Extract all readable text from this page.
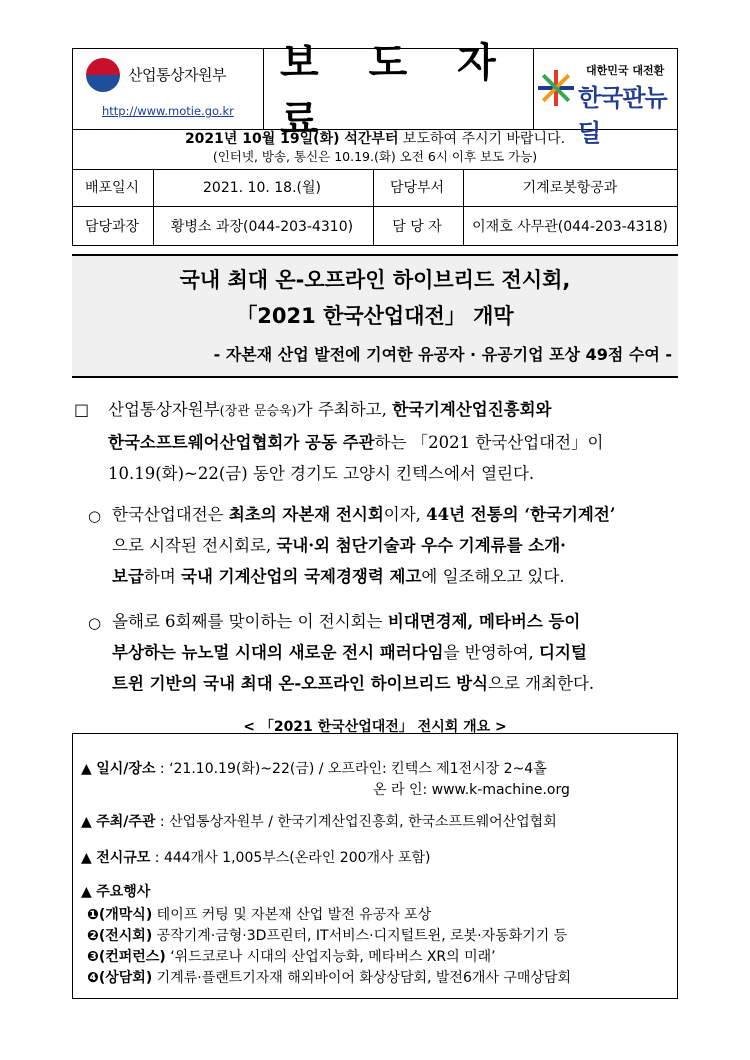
산업통상자원부
http://www.motie.go.kr
보 도 자 료
대한민국 대전환
한국판뉴딜
2021년 10월 19일(화) 석간부터 보도하여 주시기 바랍니다.
(인터넷, 방송, 통신은 10.19.(화) 오전 6시 이후 보도 가능)
배포일시	2021. 10. 18.(월)	담당부서	기계로봇항공과
담당과장	황병소 과장(044-203-4310)	담 당 자	이재호 사무관(044-203-4318)
국내 최대 온-오프라인 하이브리드 전시회,
「2021 한국산업대전」 개막
- 자본재 산업 발전에 기여한 유공자 · 유공기업 포상 49점 수여 -
□ 산업통상자원부(장관 문승욱)가 주최하고, 한국기계산업진흥회와
한국소프트웨어산업협회가 공동 주관하는 「2021 한국산업대전」이
10.19(화)~22(금) 동안 경기도 고양시 킨텍스에서 열린다.
○ 한국산업대전은 최초의 자본재 전시회이자, 44년 전통의 ‘한국기계전’
으로 시작된 전시회로, 국내·외 첨단기술과 우수 기계류를 소개·
보급하며 국내 기계산업의 국제경쟁력 제고에 일조해오고 있다.
○ 올해로 6회째를 맞이하는 이 전시회는 비대면경제, 메타버스 등이
부상하는 뉴노멀 시대의 새로운 전시 패러다임을 반영하여, 디지털
트윈 기반의 국내 최대 온-오프라인 하이브리드 방식으로 개최한다.
< 「2021 한국산업대전」 전시회 개요 >
▲ 일시/장소 : ‘21.10.19(화)~22(금) / 오프라인: 킨텍스 제1전시장 2~4홀
온 라 인: www.k-machine.org
▲ 주최/주관 : 산업통상자원부 / 한국기계산업진흥회, 한국소프트웨어산업협회
▲ 전시규모 : 444개사 1,005부스(온라인 200개사 포함)
▲ 주요행사
❶(개막식) 테이프 커팅 및 자본재 산업 발전 유공자 포상
❷(전시회) 공작기계·금형·3D프린터, IT서비스·디지털트윈, 로봇·자동화기기 등
❸(컨퍼런스) ‘위드코로나 시대의 산업지능화, 메타버스 XR의 미래’
❹(상담회) 기계류·플랜트기자재 해외바이어 화상상담회, 발전6개사 구매상담회
